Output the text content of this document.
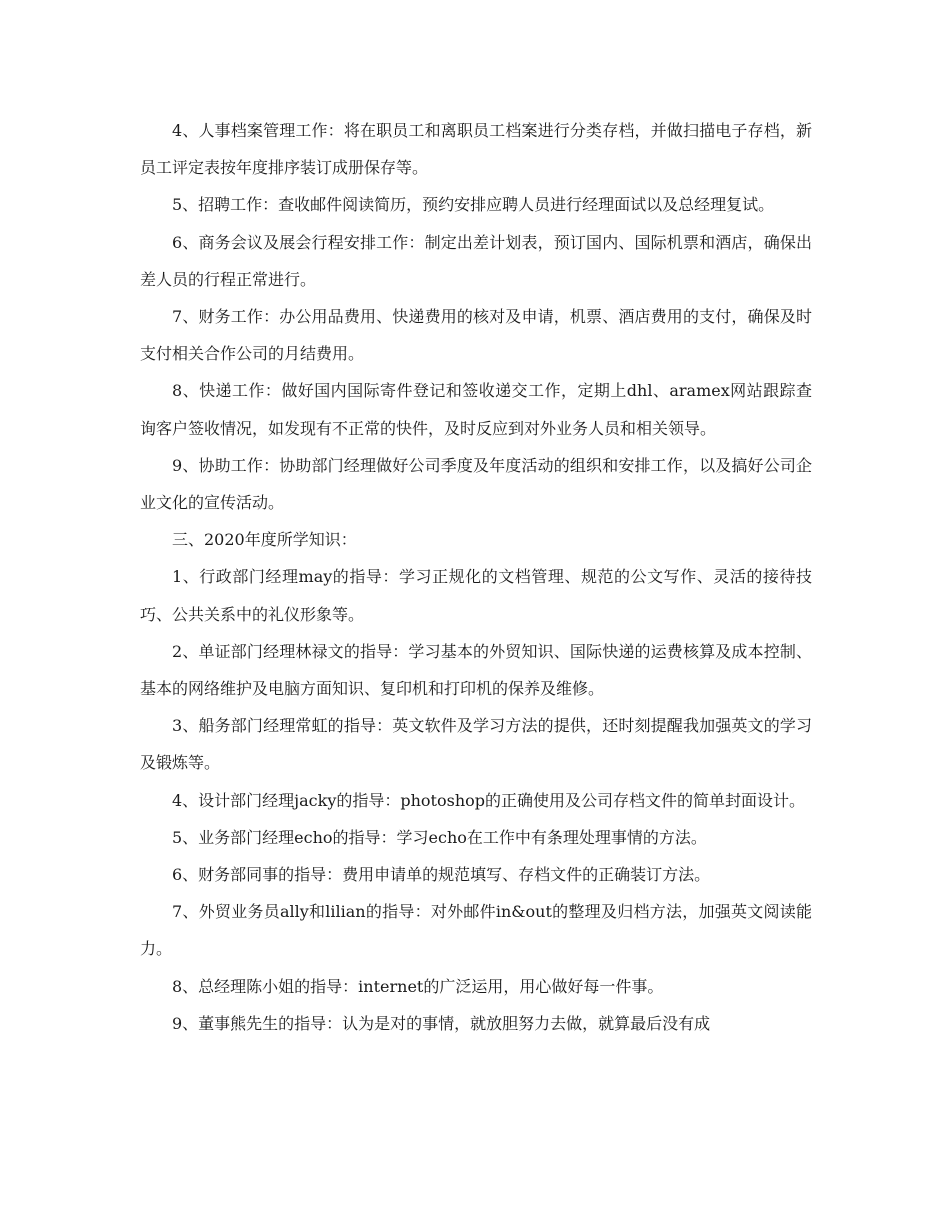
4、人事档案管理工作：将在职员工和离职员工档案进行分类存档，并做扫描电子存档，新员工评定表按年度排序装订成册保存等。

5、招聘工作：查收邮件阅读简历，预约安排应聘人员进行经理面试以及总经理复试。

6、商务会议及展会行程安排工作：制定出差计划表，预订国内、国际机票和酒店，确保出差人员的行程正常进行。

7、财务工作：办公用品费用、快递费用的核对及申请，机票、酒店费用的支付，确保及时支付相关合作公司的月结费用。

8、快递工作：做好国内国际寄件登记和签收递交工作，定期上dhl、aramex网站跟踪查询客户签收情况，如发现有不正常的快件，及时反应到对外业务人员和相关领导。

9、协助工作：协助部门经理做好公司季度及年度活动的组织和安排工作，以及搞好公司企业文化的宣传活动。

三、2020年度所学知识：

1、行政部门经理may的指导：学习正规化的文档管理、规范的公文写作、灵活的接待技巧、公共关系中的礼仪形象等。

2、单证部门经理林禄文的指导：学习基本的外贸知识、国际快递的运费核算及成本控制、基本的网络维护及电脑方面知识、复印机和打印机的保养及维修。

3、船务部门经理常虹的指导：英文软件及学习方法的提供，还时刻提醒我加强英文的学习及锻炼等。

4、设计部门经理jacky的指导：photoshop的正确使用及公司存档文件的简单封面设计。

5、业务部门经理echo的指导：学习echo在工作中有条理处理事情的方法。

6、财务部同事的指导：费用申请单的规范填写、存档文件的正确装订方法。

7、外贸业务员ally和lilian的指导：对外邮件in&out的整理及归档方法，加强英文阅读能力。

8、总经理陈小姐的指导：internet的广泛运用，用心做好每一件事。

9、董事熊先生的指导：认为是对的事情，就放胆努力去做，就算最后没有成
